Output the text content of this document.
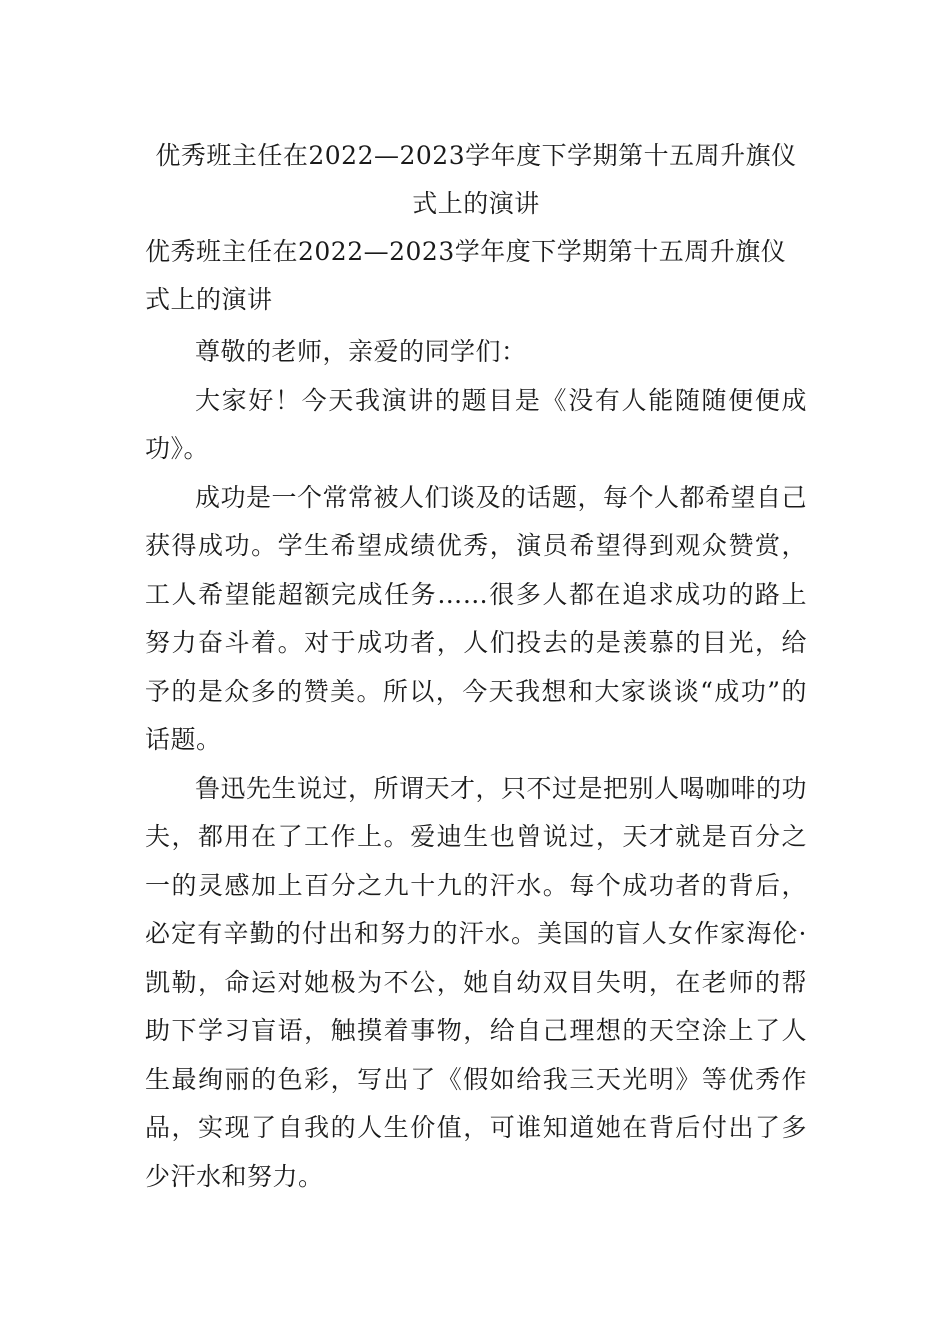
优秀班主任在2022—2023学年度下学期第十五周升旗仪
式上的演讲

优秀班主任在2022—2023学年度下学期第十五周升旗仪式上的演讲

尊敬的老师，亲爱的同学们：

大家好！今天我演讲的题目是《没有人能随随便便成功》。

成功是一个常常被人们谈及的话题，每个人都希望自己获得成功。学生希望成绩优秀，演员希望得到观众赞赏，工人希望能超额完成任务……很多人都在追求成功的路上努力奋斗着。对于成功者，人们投去的是羡慕的目光，给予的是众多的赞美。所以，今天我想和大家谈谈“成功”的话题。

鲁迅先生说过，所谓天才，只不过是把别人喝咖啡的功夫，都用在了工作上。爱迪生也曾说过，天才就是百分之一的灵感加上百分之九十九的汗水。每个成功者的背后，必定有辛勤的付出和努力的汗水。美国的盲人女作家海伦·凯勒，命运对她极为不公，她自幼双目失明，在老师的帮助下学习盲语，触摸着事物，给自己理想的天空涂上了人生最绚丽的色彩，写出了《假如给我三天光明》等优秀作品，实现了自我的人生价值，可谁知道她在背后付出了多少汗水和努力。
